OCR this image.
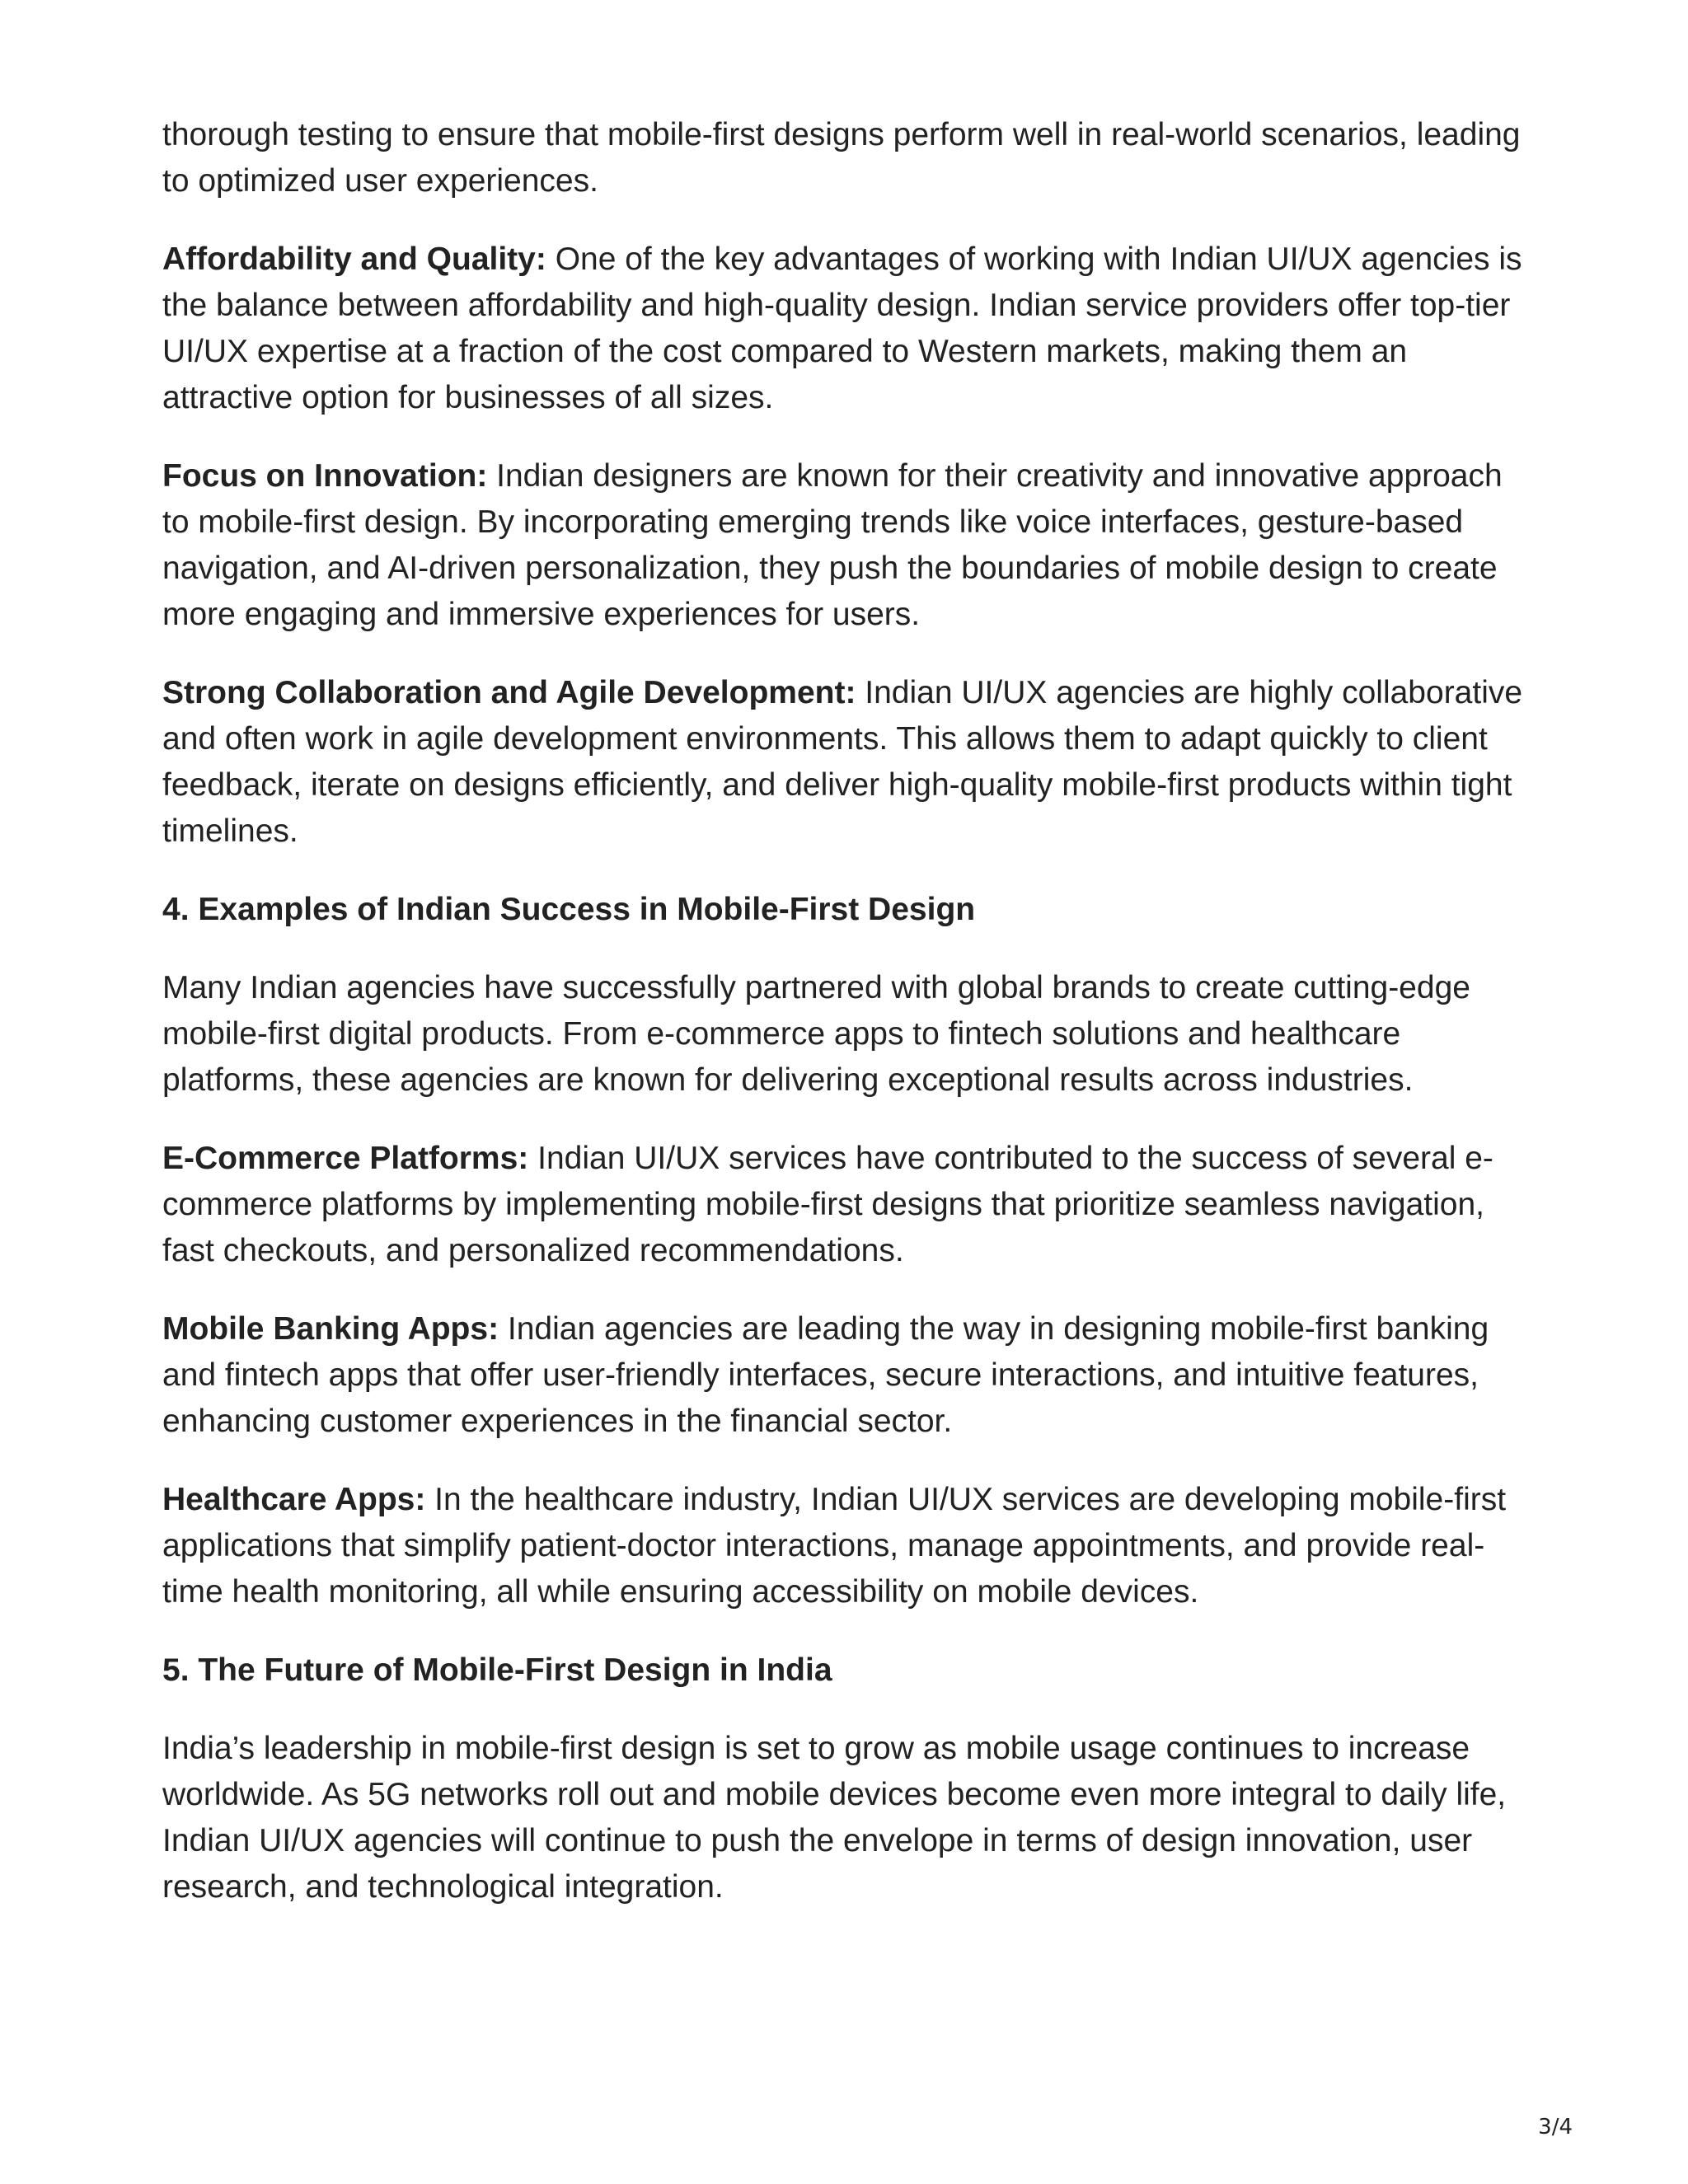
thorough testing to ensure that mobile-first designs perform well in real-world scenarios, leading to optimized user experiences.

Affordability and Quality: One of the key advantages of working with Indian UI/UX agencies is the balance between affordability and high-quality design. Indian service providers offer top-tier UI/UX expertise at a fraction of the cost compared to Western markets, making them an attractive option for businesses of all sizes.

Focus on Innovation: Indian designers are known for their creativity and innovative approach to mobile-first design. By incorporating emerging trends like voice interfaces, gesture-based navigation, and AI-driven personalization, they push the boundaries of mobile design to create more engaging and immersive experiences for users.

Strong Collaboration and Agile Development: Indian UI/UX agencies are highly collaborative and often work in agile development environments. This allows them to adapt quickly to client feedback, iterate on designs efficiently, and deliver high-quality mobile-first products within tight timelines.

4. Examples of Indian Success in Mobile-First Design

Many Indian agencies have successfully partnered with global brands to create cutting-edge mobile-first digital products. From e-commerce apps to fintech solutions and healthcare platforms, these agencies are known for delivering exceptional results across industries.

E-Commerce Platforms: Indian UI/UX services have contributed to the success of several e-commerce platforms by implementing mobile-first designs that prioritize seamless navigation, fast checkouts, and personalized recommendations.

Mobile Banking Apps: Indian agencies are leading the way in designing mobile-first banking and fintech apps that offer user-friendly interfaces, secure interactions, and intuitive features, enhancing customer experiences in the financial sector.

Healthcare Apps: In the healthcare industry, Indian UI/UX services are developing mobile-first applications that simplify patient-doctor interactions, manage appointments, and provide real-time health monitoring, all while ensuring accessibility on mobile devices.

5. The Future of Mobile-First Design in India

India’s leadership in mobile-first design is set to grow as mobile usage continues to increase worldwide. As 5G networks roll out and mobile devices become even more integral to daily life, Indian UI/UX agencies will continue to push the envelope in terms of design innovation, user research, and technological integration.

3/4
